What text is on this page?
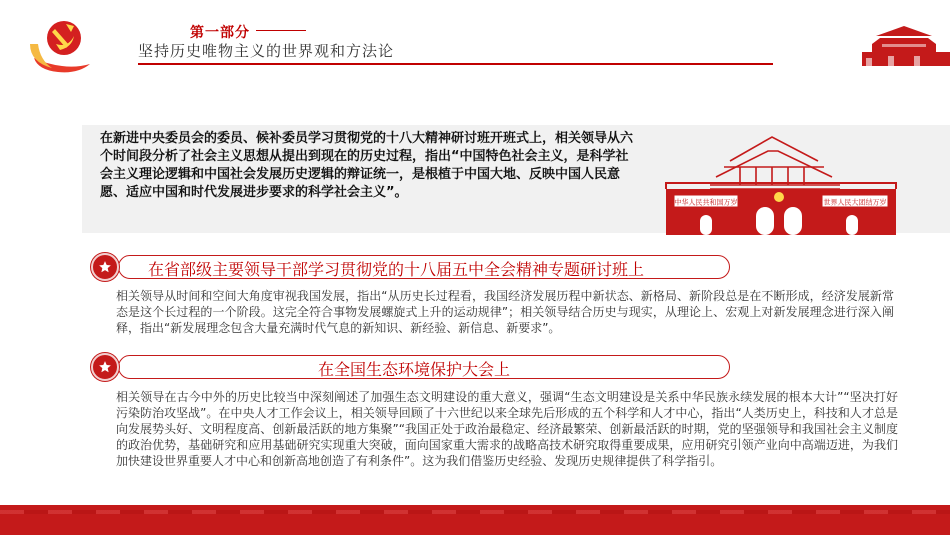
第一部分
坚持历史唯物主义的世界观和方法论
在新进中央委员会的委员、候补委员学习贯彻党的十八大精神研讨班开班式上，相关领导从六个时间段分析了社会主义思想从提出到现在的历史过程，指出“中国特色社会主义，是科学社会主义理论逻辑和中国社会发展历史逻辑的辩证统一，是根植于中国大地、反映中国人民意愿、适应中国和时代发展进步要求的科学社会主义”。
中华人民共和国万岁	世界人民大团结万岁
在省部级主要领导干部学习贯彻党的十八届五中全会精神专题研讨班上
相关领导从时间和空间大角度审视我国发展，指出“从历史长过程看，我国经济发展历程中新状态、新格局、新阶段总是在不断形成，经济发展新常态是这个长过程的一个阶段。这完全符合事物发展螺旋式上升的运动规律”；相关领导结合历史与现实，从理论上、宏观上对新发展理念进行深入阐释，指出“新发展理念包含大量充满时代气息的新知识、新经验、新信息、新要求”。
在全国生态环境保护大会上
相关领导在古今中外的历史比较当中深刻阐述了加强生态文明建设的重大意义，强调“生态文明建设是关系中华民族永续发展的根本大计”“坚决打好污染防治攻坚战”。在中央人才工作会议上，相关领导回顾了十六世纪以来全球先后形成的五个科学和人才中心，指出“人类历史上，科技和人才总是向发展势头好、文明程度高、创新最活跃的地方集聚”“我国正处于政治最稳定、经济最繁荣、创新最活跃的时期，党的坚强领导和我国社会主义制度的政治优势，基础研究和应用基础研究实现重大突破，面向国家重大需求的战略高技术研究取得重要成果，应用研究引领产业向中高端迈进，为我们加快建设世界重要人才中心和创新高地创造了有利条件”。这为我们借鉴历史经验、发现历史规律提供了科学指引。
